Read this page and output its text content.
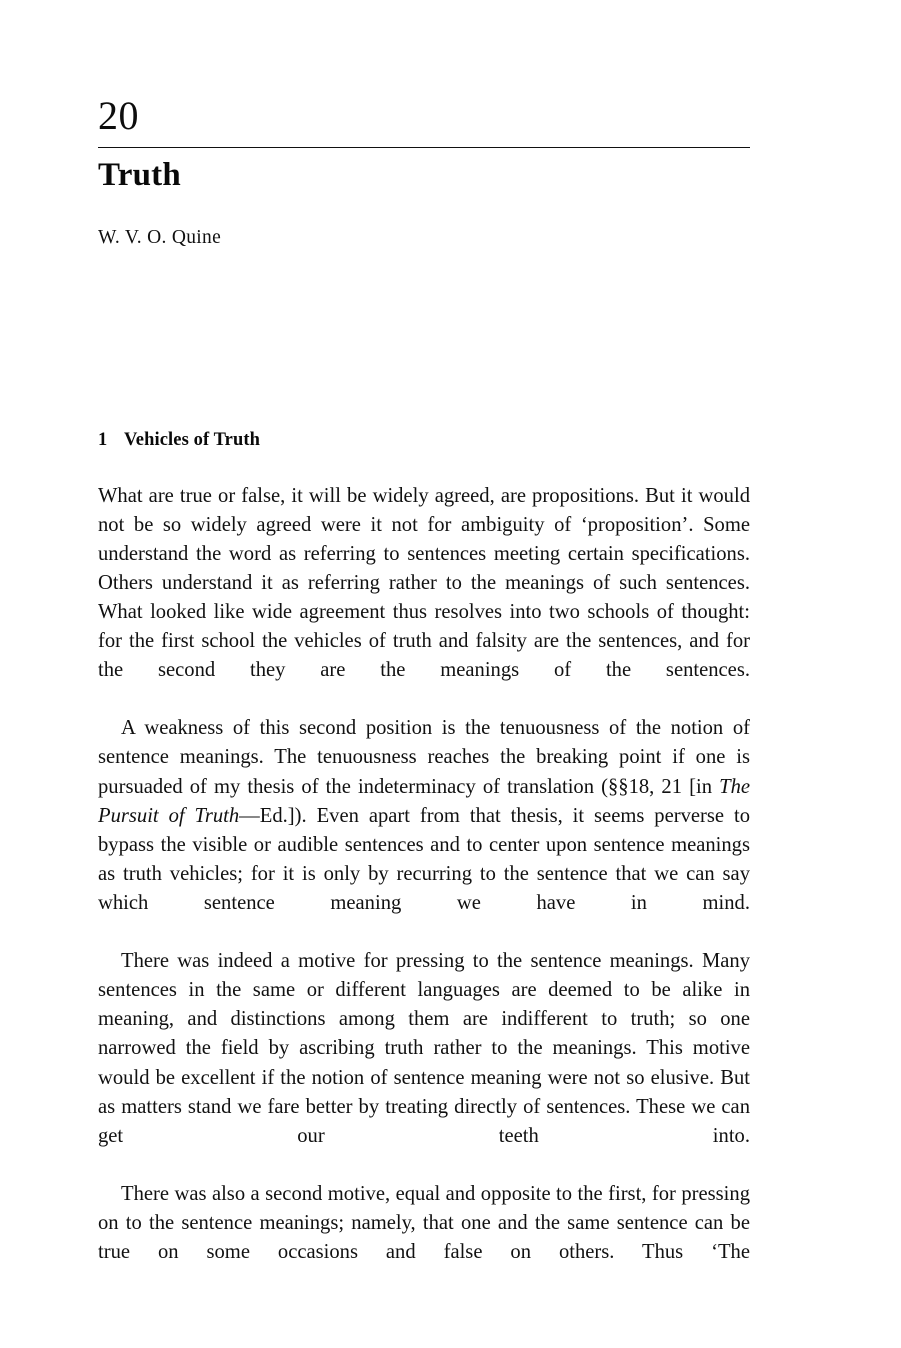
20
Truth
W. V. O. Quine
1 Vehicles of Truth

What are true or false, it will be widely agreed, are propositions. But it would not be so widely agreed were it not for ambiguity of ‘proposition’. Some understand the word as referring to sentences meeting certain specifications. Others understand it as referring rather to the meanings of such sentences. What looked like wide agreement thus resolves into two schools of thought: for the first school the vehicles of truth and falsity are the sentences, and for the second they are the meanings of the sentences.

A weakness of this second position is the tenuousness of the notion of sentence meanings. The tenuousness reaches the breaking point if one is pursuaded of my thesis of the indeterminacy of translation (§§18, 21 [in The Pursuit of Truth—Ed.]). Even apart from that thesis, it seems perverse to bypass the visible or audible sentences and to center upon sentence meanings as truth vehicles; for it is only by recurring to the sentence that we can say which sentence meaning we have in mind.

There was indeed a motive for pressing to the sentence meanings. Many sentences in the same or different languages are deemed to be alike in meaning, and distinctions among them are indifferent to truth; so one narrowed the field by ascribing truth rather to the meanings. This motive would be excellent if the notion of sentence meaning were not so elusive. But as matters stand we fare better by treating directly of sentences. These we can get our teeth into.

There was also a second motive, equal and opposite to the first, for pressing on to the sentence meanings; namely, that one and the same sentence can be true on some occasions and false on others. Thus ‘The
